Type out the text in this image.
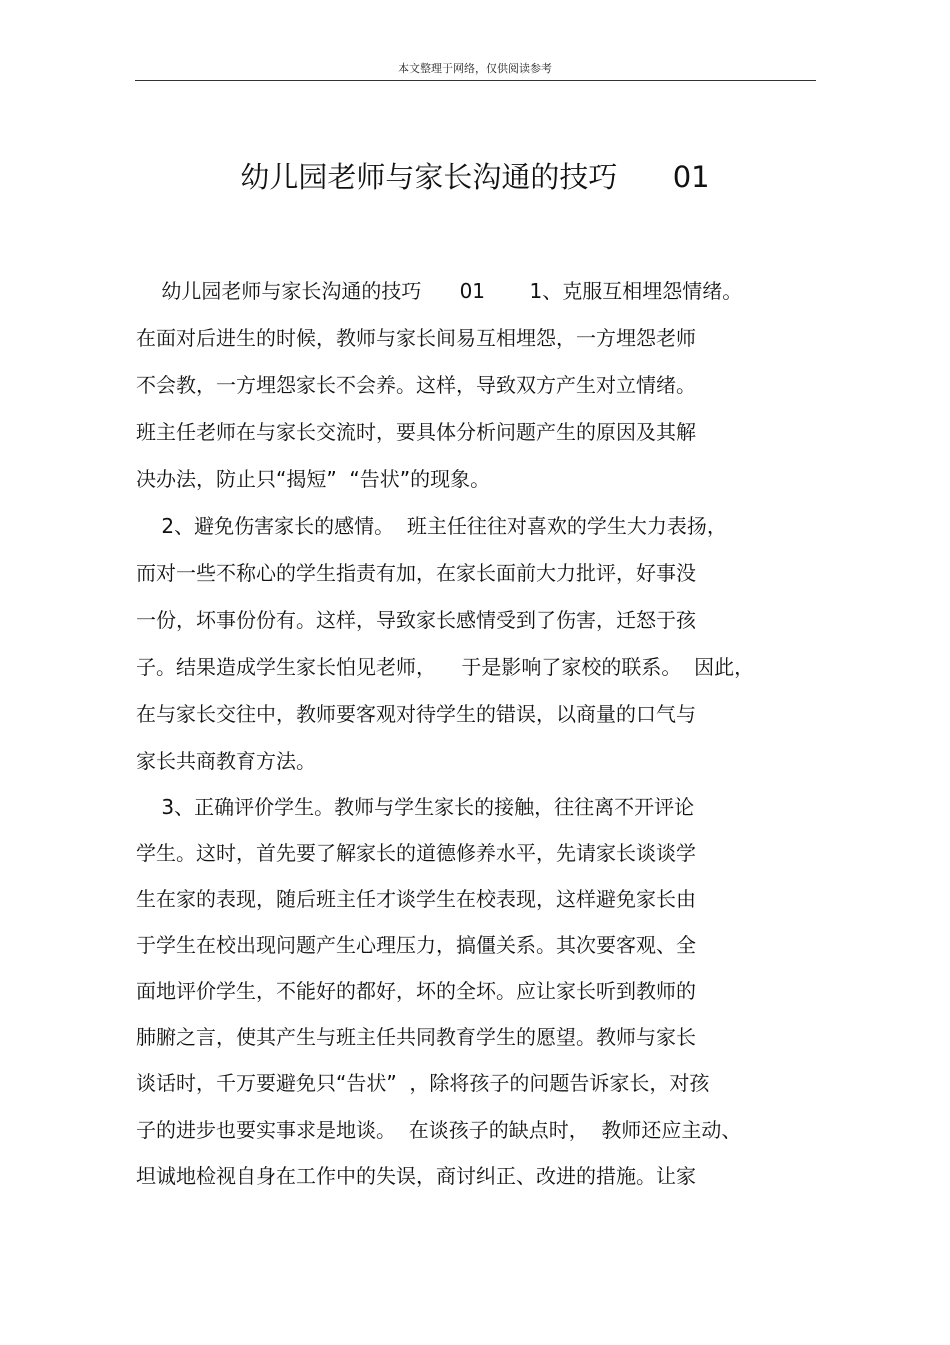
本文整理于网络，仅供阅读参考
幼儿园老师与家长沟通的技巧      01
幼儿园老师与家长沟通的技巧      01       1、克服互相埋怨情绪。
在面对后进生的时候，教师与家长间易互相埋怨，一方埋怨老师
不会教，一方埋怨家长不会养。这样，导致双方产生对立情绪。
班主任老师在与家长交流时，要具体分析问题产生的原因及其解
决办法，防止只“揭短”  “告状”的现象。
2、避免伤害家长的感情。  班主任往往对喜欢的学生大力表扬，
而对一些不称心的学生指责有加，在家长面前大力批评，好事没
一份，坏事份份有。这样，导致家长感情受到了伤害，迁怒于孩
子。结果造成学生家长怕见老师，    于是影响了家校的联系。  因此，
在与家长交往中，教师要客观对待学生的错误，以商量的口气与
家长共商教育方法。
3、正确评价学生。教师与学生家长的接触，往往离不开评论
学生。这时，首先要了解家长的道德修养水平，先请家长谈谈学
生在家的表现，随后班主任才谈学生在校表现，这样避免家长由
于学生在校出现问题产生心理压力，搞僵关系。其次要客观、全
面地评价学生，不能好的都好，坏的全坏。应让家长听到教师的
肺腑之言，使其产生与班主任共同教育学生的愿望。教师与家长
谈话时，千万要避免只“告状”  ，除将孩子的问题告诉家长，对孩
子的进步也要实事求是地谈。  在谈孩子的缺点时，  教师还应主动、
坦诚地检视自身在工作中的失误，商讨纠正、改进的措施。让家
